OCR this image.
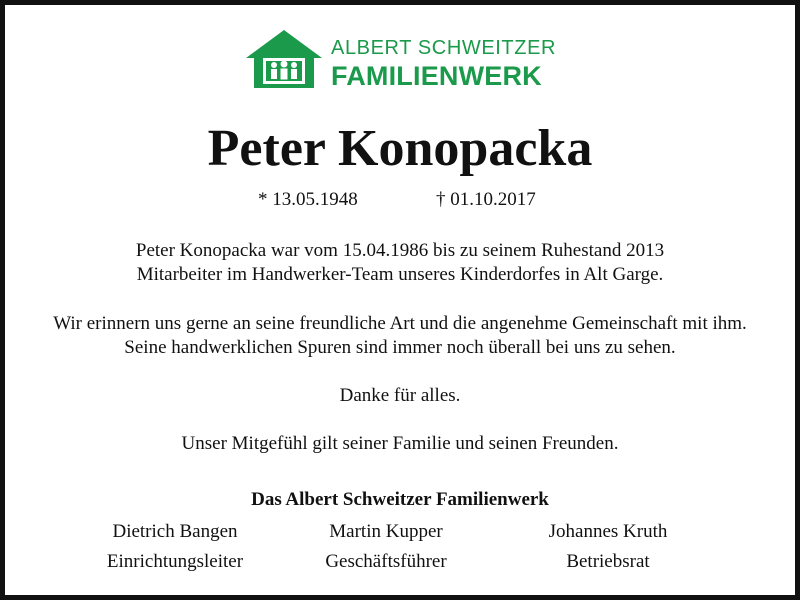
ALBERT SCHWEITZER
FAMILIENWERK
Peter Konopacka
* 13.05.1948	† 01.10.2017
Peter Konopacka war vom 15.04.1986 bis zu seinem Ruhestand 2013
Mitarbeiter im Handwerker-Team unseres Kinderdorfes in Alt Garge.
Wir erinnern uns gerne an seine freundliche Art und die angenehme Gemeinschaft mit ihm.
Seine handwerklichen Spuren sind immer noch überall bei uns zu sehen.
Danke für alles.
Unser Mitgefühl gilt seiner Familie und seinen Freunden.
Das Albert Schweitzer Familienwerk
Dietrich Bangen
Einrichtungsleiter
Martin Kupper
Geschäftsführer
Johannes Kruth
Betriebsrat
